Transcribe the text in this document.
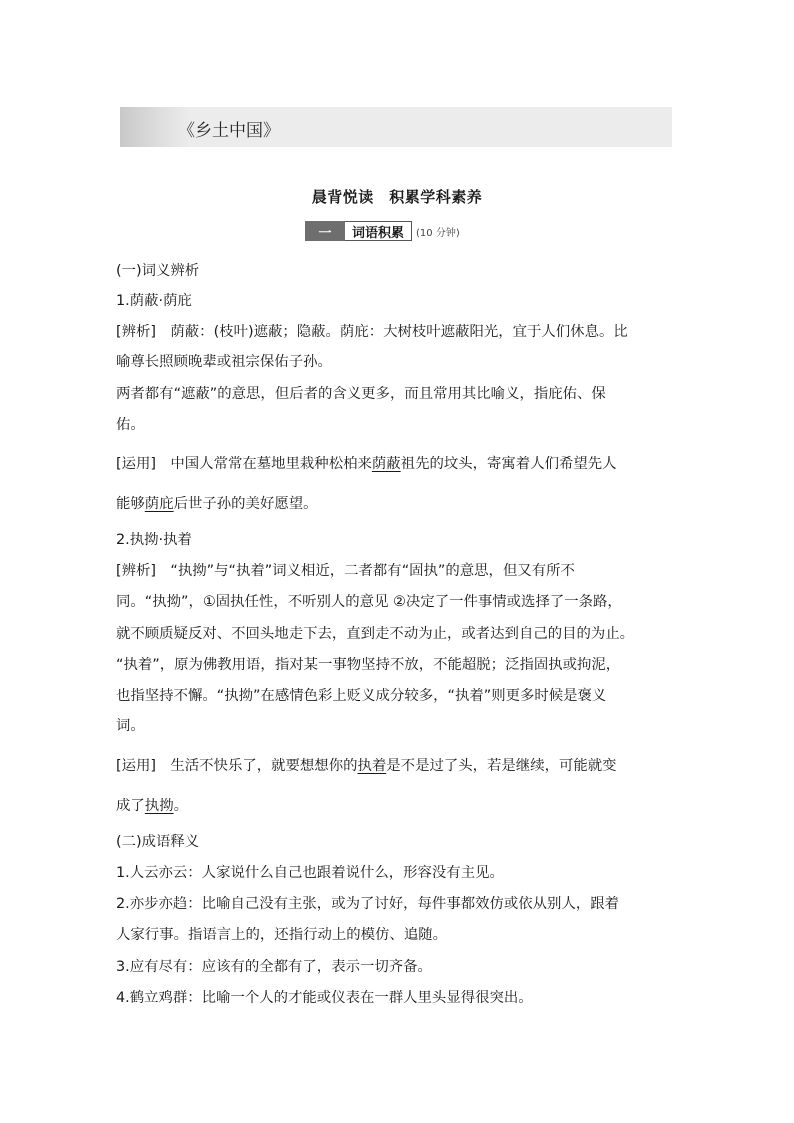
《乡土中国》
晨背悦读　积累学科素养
一	词语积累	(10 分钟)
(一)词义辨析
1.荫蔽·荫庇
[辨析]　荫蔽：(枝叶)遮蔽；隐蔽。荫庇：大树枝叶遮蔽阳光，宜于人们休息。比
喻尊长照顾晚辈或祖宗保佑子孙。
两者都有“遮蔽”的意思，但后者的含义更多，而且常用其比喻义，指庇佑、保
佑。
[运用]　中国人常常在墓地里栽种松柏来荫蔽祖先的坟头，寄寓着人们希望先人
能够荫庇后世子孙的美好愿望。
2.执拗·执着
[辨析]　“执拗”与“执着”词义相近，二者都有“固执”的意思，但又有所不
同。“执拗”，①固执任性，不听别人的意见 ②决定了一件事情或选择了一条路，
就不顾质疑反对、不回头地走下去，直到走不动为止，或者达到自己的目的为止。
“执着”，原为佛教用语，指对某一事物坚持不放，不能超脱；泛指固执或拘泥，
也指坚持不懈。“执拗”在感情色彩上贬义成分较多，“执着”则更多时候是褒义
词。
[运用]　生活不快乐了，就要想想你的执着是不是过了头，若是继续，可能就变
成了执拗。
(二)成语释义
1.人云亦云：人家说什么自己也跟着说什么，形容没有主见。
2.亦步亦趋：比喻自己没有主张，或为了讨好，每件事都效仿或依从别人，跟着
人家行事。指语言上的，还指行动上的模仿、追随。
3.应有尽有：应该有的全都有了，表示一切齐备。
4.鹤立鸡群：比喻一个人的才能或仪表在一群人里头显得很突出。
